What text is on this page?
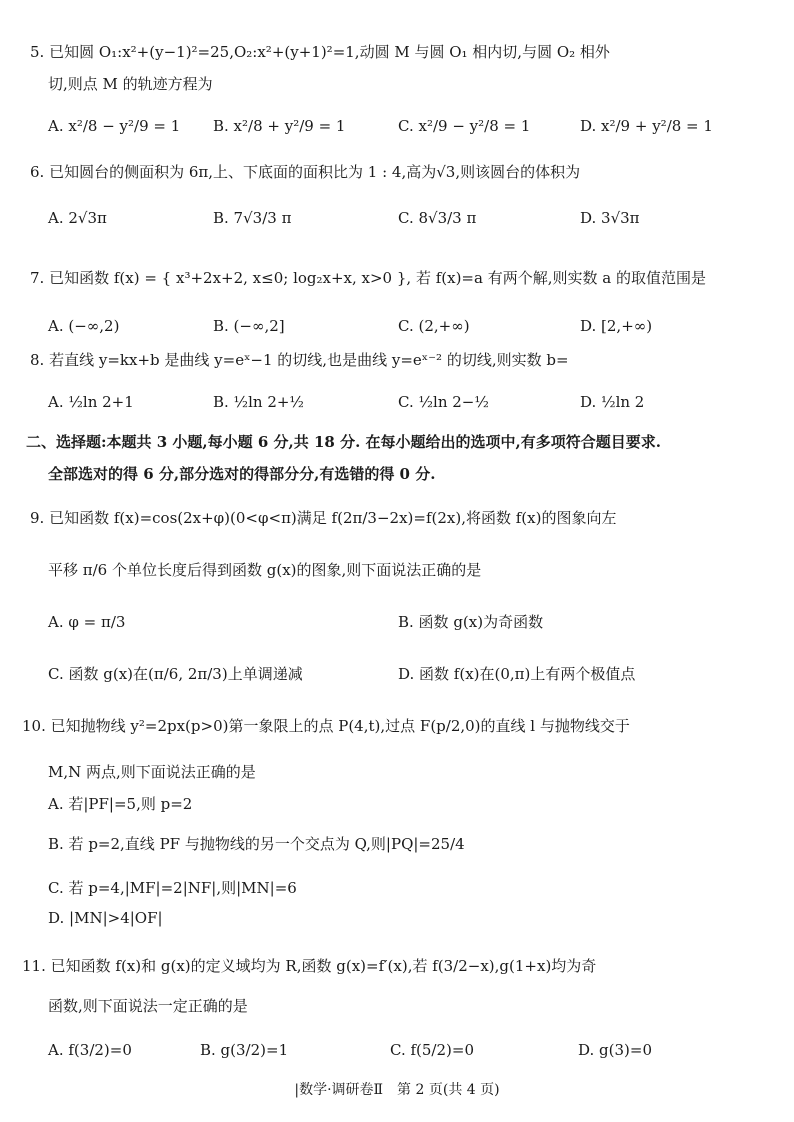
5. 已知圆 O₁:x²+(y−1)²=25,O₂:x²+(y+1)²=1,动圆 M 与圆 O₁ 相内切,与圆 O₂ 相外
切,则点 M 的轨迹方程为
A. x²/8 − y²/9 = 1 B. x²/8 + y²/9 = 1	C. x²/9 − y²/8 = 1	D. x²/9 + y²/8 = 1
6. 已知圆台的侧面积为 6π,上、下底面的面积比为 1 : 4,高为√3,则该圆台的体积为
A. 2√3π	B. 7√3/3 π	C. 8√3/3 π	D. 3√3π
7. 已知函数 f(x) = { x³+2x+2, x≤0; log₂x+x, x>0 }, 若 f(x)=a 有两个解,则实数 a 的取值范围是
A. (−∞,2)	B. (−∞,2]	C. (2,+∞)	D. [2,+∞)
8. 若直线 y=kx+b 是曲线 y=eˣ−1 的切线,也是曲线 y=eˣ⁻² 的切线,则实数 b=
A. ½ln 2+1	B. ½ln 2+½	C. ½ln 2−½	D. ½ln 2
二、选择题:本题共 3 小题,每小题 6 分,共 18 分. 在每小题给出的选项中,有多项符合题目要求.
全部选对的得 6 分,部分选对的得部分分,有选错的得 0 分.
9. 已知函数 f(x)=cos(2x+φ)(0<φ<π)满足 f(2π/3−2x)=f(2x),将函数 f(x)的图象向左
平移 π/6 个单位长度后得到函数 g(x)的图象,则下面说法正确的是
A. φ = π/3	B. 函数 g(x)为奇函数
C. 函数 g(x)在(π/6, 2π/3)上单调递减	D. 函数 f(x)在(0,π)上有两个极值点
10. 已知抛物线 y²=2px(p>0)第一象限上的点 P(4,t),过点 F(p/2,0)的直线 l 与抛物线交于
M,N 两点,则下面说法正确的是
A. 若|PF|=5,则 p=2
B. 若 p=2,直线 PF 与抛物线的另一个交点为 Q,则|PQ|=25/4
C. 若 p=4,|MF|=2|NF|,则|MN|=6
D. |MN|>4|OF|
11. 已知函数 f(x)和 g(x)的定义域均为 R,函数 g(x)=f′(x),若 f(3/2−x),g(1+x)均为奇
函数,则下面说法一定正确的是
A. f(3/2)=0	B. g(3/2)=1	C. f(5/2)=0	D. g(3)=0
|数学·调研卷Ⅱ　第 2 页(共 4 页)
